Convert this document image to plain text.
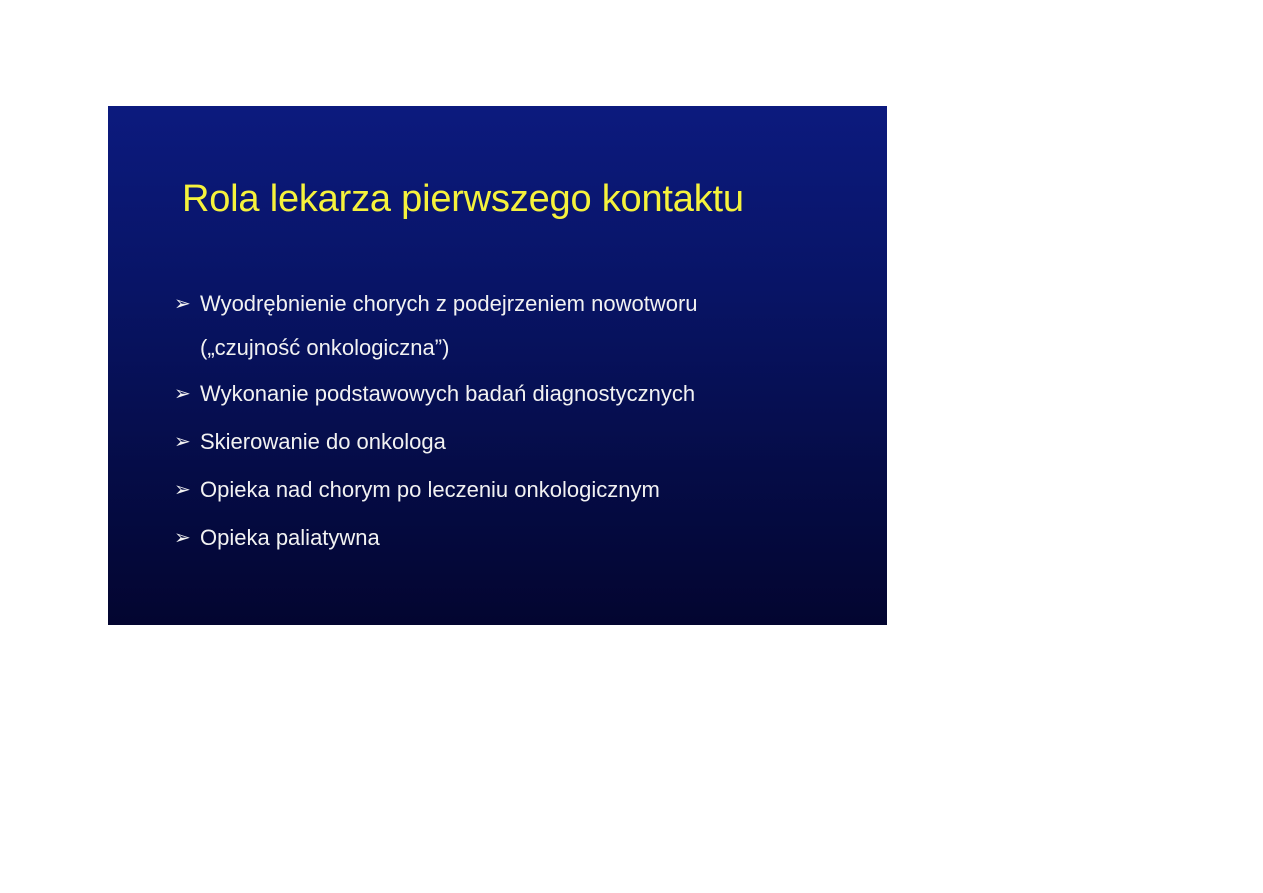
Rola lekarza pierwszego kontaktu
➢ Wyodrębnienie chorych z podejrzeniem nowotworu
(„czujność onkologiczna”)
➢ Wykonanie podstawowych badań diagnostycznych
➢ Skierowanie do onkologa
➢ Opieka nad chorym po leczeniu onkologicznym
➢ Opieka paliatywna
